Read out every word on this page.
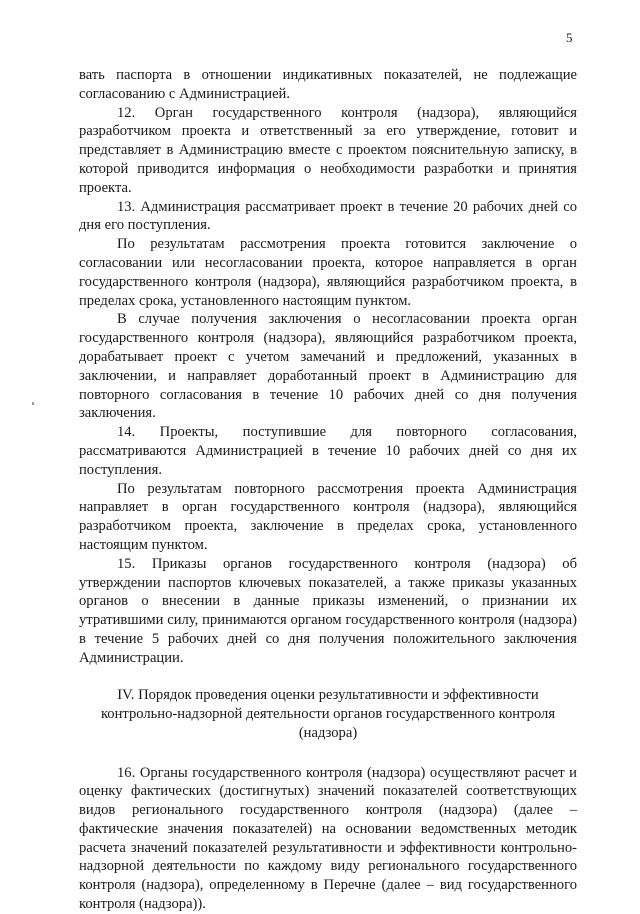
5

вать паспорта в отношении индикативных показателей, не подлежащие согласованию с Администрацией.

12. Орган государственного контроля (надзора), являющийся разработчиком проекта и ответственный за его утверждение, готовит и представляет в Администрацию вместе с проектом пояснительную записку, в которой приводится информация о необходимости разработки и принятия проекта.

13. Администрация рассматривает проект в течение 20 рабочих дней со дня его поступления.

По результатам рассмотрения проекта готовится заключение о согласовании или несогласовании проекта, которое направляется в орган государственного контроля (надзора), являющийся разработчиком проекта, в пределах срока, установленного настоящим пунктом.

В случае получения заключения о несогласовании проекта орган государственного контроля (надзора), являющийся разработчиком проекта, дорабатывает проект с учетом замечаний и предложений, указанных в заключении, и направляет доработанный проект в Администрацию для повторного согласования в течение 10 рабочих дней со дня получения заключения.

14. Проекты, поступившие для повторного согласования, рассматриваются Администрацией в течение 10 рабочих дней со дня их поступления.

По результатам повторного рассмотрения проекта Администрация направляет в орган государственного контроля (надзора), являющийся разработчиком проекта, заключение в пределах срока, установленного настоящим пунктом.

15. Приказы органов государственного контроля (надзора) об утверждении паспортов ключевых показателей, а также приказы указанных органов о внесении в данные приказы изменений, о признании их утратившими силу, принимаются органом государственного контроля (надзора) в течение 5 рабочих дней со дня получения положительного заключения Администрации.

IV. Порядок проведения оценки результативности и эффективности
контрольно-надзорной деятельности органов государственного контроля
(надзора)

16. Органы государственного контроля (надзора) осуществляют расчет и оценку фактических (достигнутых) значений показателей соответствующих видов регионального государственного контроля (надзора) (далее – фактические значения показателей) на основании ведомственных методик расчета значений показателей результативности и эффективности контрольно-надзорной деятельности по каждому виду регионального государственного контроля (надзора), определенному в Перечне (далее – вид государственного контроля (надзора)).
